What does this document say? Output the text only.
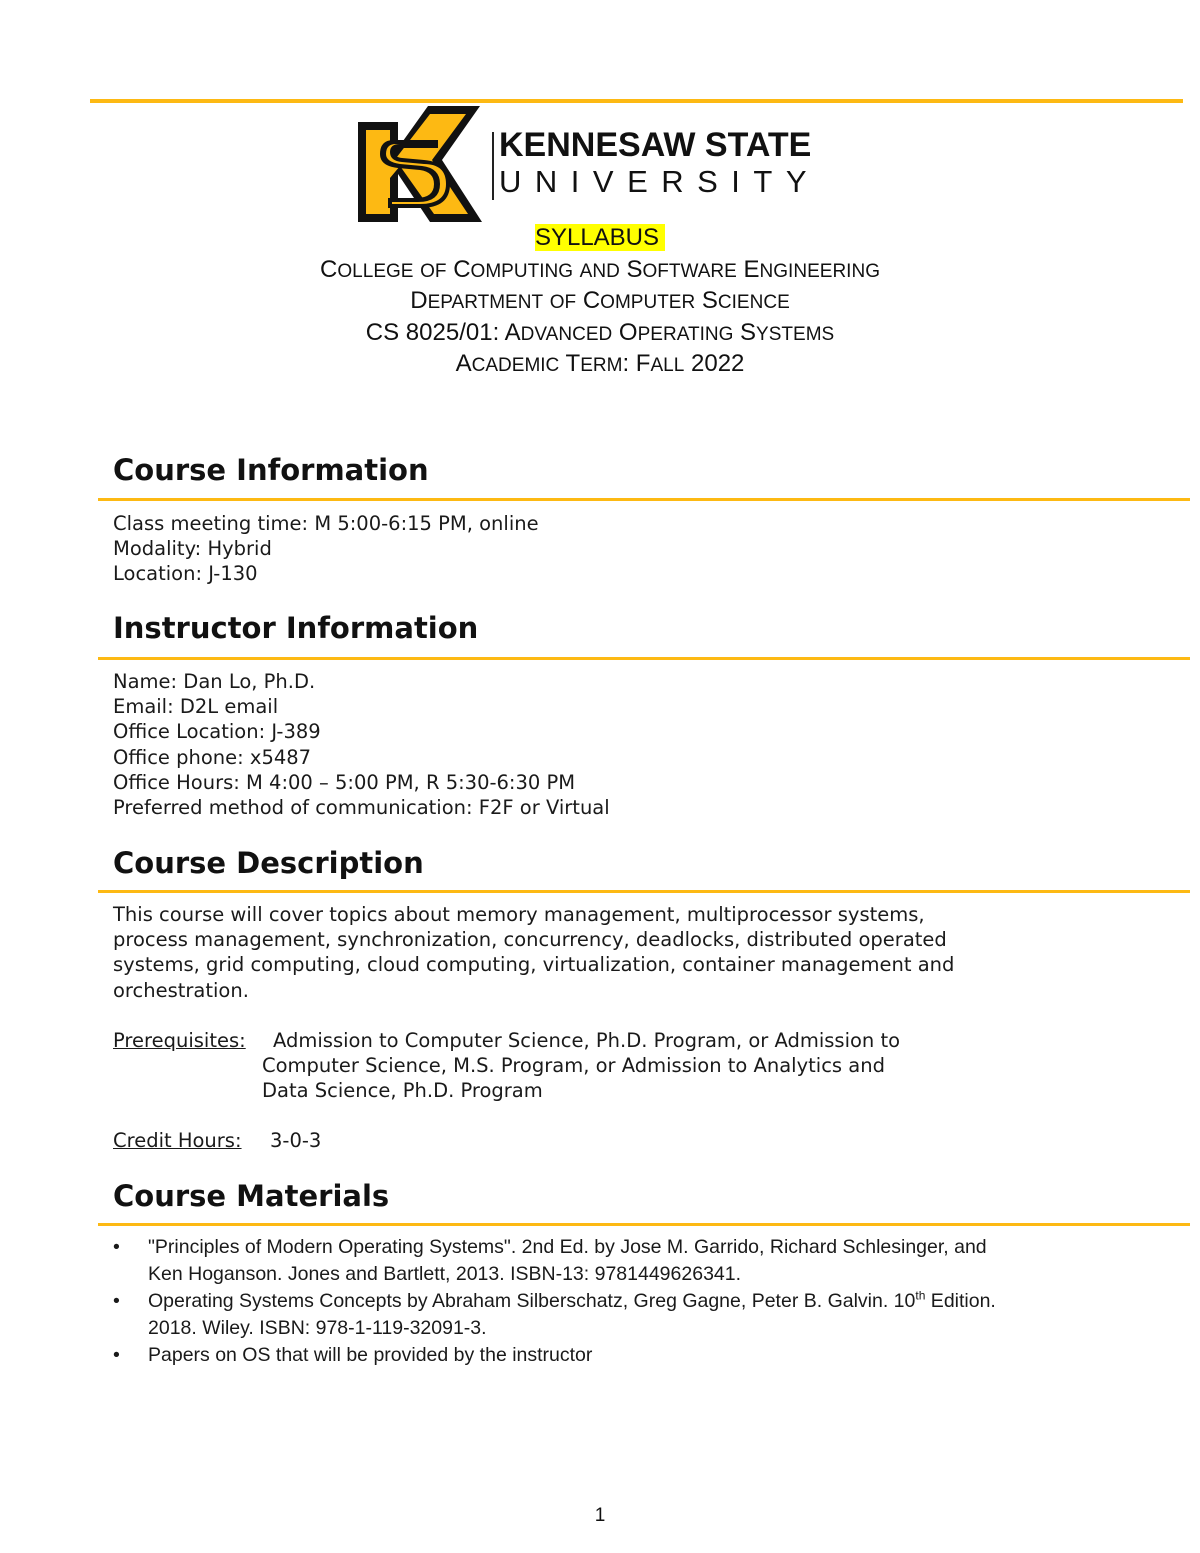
KENNESAW STATE
UNIVERSITY
SYLLABUS
COLLEGE OF COMPUTING AND SOFTWARE ENGINEERING
DEPARTMENT OF COMPUTER SCIENCE
CS 8025/01: ADVANCED OPERATING SYSTEMS
ACADEMIC TERM: FALL 2022
Course Information
Class meeting time: M 5:00-6:15 PM, online
Modality: Hybrid
Location: J-130
Instructor Information
Name: Dan Lo, Ph.D.
Email: D2L email
Office Location: J-389
Office phone: x5487
Office Hours: M 4:00 – 5:00 PM, R 5:30-6:30 PM
Preferred method of communication: F2F or Virtual
Course Description
This course will cover topics about memory management, multiprocessor systems,
process management, synchronization, concurrency, deadlocks, distributed operated
systems, grid computing, cloud computing, virtualization, container management and
orchestration.
Prerequisites: Admission to Computer Science, Ph.D. Program, or Admission to
Computer Science, M.S. Program, or Admission to Analytics and
Data Science, Ph.D. Program
Credit Hours: 3-0-3
Course Materials
• "Principles of Modern Operating Systems". 2nd Ed. by Jose M. Garrido, Richard Schlesinger, and
Ken Hoganson. Jones and Bartlett, 2013. ISBN-13: 9781449626341.
• Operating Systems Concepts by Abraham Silberschatz, Greg Gagne, Peter B. Galvin. 10th Edition.
2018. Wiley. ISBN: 978-1-119-32091-3.
• Papers on OS that will be provided by the instructor
1
